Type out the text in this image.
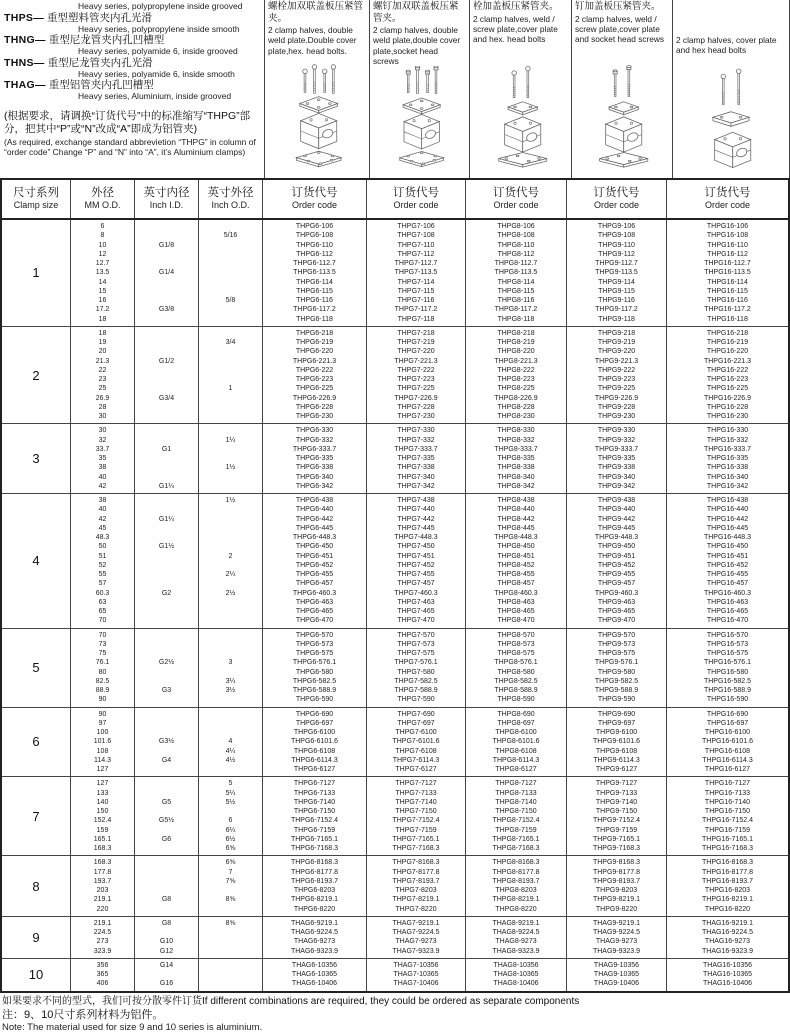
Heavy series, polypropylene inside grooved
THPS— 重型塑料管夹内孔光滑
Heavy series, polypropylene inside smooth
THNG— 重型尼龙管夹内孔凹槽型
Heavy series, polyamide 6, inside grooved
THNS— 重型尼龙管夹内孔光滑
Heavy series, polyamide 6, inside smooth
THAG— 重型铝管夹内孔凹槽型
Heavy series, Aluminium, inside grooved
(根据要求，请调换“订货代号”中的标准缩写“THPG”部分，把其中“P”或“N”改成“A”即成为铝管夹)
(As required, exchange standard abbrevietion “THPG” in column of “order code” Change “P” and “N” into “A”, it’s Aluminium clamps)
螺栓加双联盖板压紧管夹。
2 clamp halves, double weld plate.Double cover plate,hex. head bolts.
螺钉加双联盖板压紧管夹。
2 clamp halves, double weld plate,double cover plate,socket head screws
栓加盖板压紧管夹。
2 clamp halves, weld / screw plate,cover plate and hex. head bolts
钉加盖板压紧管夹。
2 clamp halves, weld / screw plate,cover plate and socket head screws	2 clamp halves, cover plate and hex head bolts
尺寸系列
Clamp size
外径
MM O.D.
英寸内径
Inch I.D.
英寸外径
Inch O.D.
订货代号
Order code
订货代号
Order code
订货代号
Order code
订货代号
Order code
订货代号
Order code
1
6
8
10
12
12.7
13.5
14
15
16
17.2
18

G1/8

G1/4

G3/8

5/16

5/8

THPG6-106
THPG6-108
THPG6-110
THPG6-112
THPG6-112.7
THPG6-113.5
THPG6-114
THPG6-115
THPG6-116
THPG6-117.2
THPG6-118
THPG7-106
THPG7-108
THPG7-110
THPG7-112
THPG7-112.7
THPG7-113.5
THPG7-114
THPG7-115
THPG7-116
THPG7-117.2
THPG7-118
THPG8-106
THPG8-108
THPG8-110
THPG8-112
THPG8-112.7
THPG8-113.5
THPG8-114
THPG8-115
THPG8-116
THPG8-117.2
THPG8-118
THPG9-106
THPG9-108
THPG9-110
THPG9-112
THPG9-112.7
THPG9-113.5
THPG9-114
THPG9-115
THPG9-116
THPG9-117.2
THPG9-118
THPG16-106
THPG16-108
THPG16-110
THPG16-112
THPG16-112.7
THPG16-113.5
THPG16-114
THPG16-115
THPG16-116
THPG16-117.2
THPG16-118
2
18
19
20
21.3
22
23
25
26.9
28
30

G1/2

G3/4

3/4

1

THPG6-218
THPG6-219
THPG6-220
THPG6-221.3
THPG6-222
THPG6-223
THPG6-225
THPG6-226.9
THPG6-228
THPG6-230
THPG7-218
THPG7-219
THPG7-220
THPG7-221.3
THPG7-222
THPG7-223
THPG7-225
THPG7-226.9
THPG7-228
THPG7-230
THPG8-218
THPG8-219
THPG8-220
THPG8-221.3
THPG8-222
THPG8-223
THPG8-225
THPG8-226.9
THPG8-228
THPG8-230
THPG9-218
THPG9-219
THPG9-220
THPG9-221.3
THPG9-222
THPG9-223
THPG9-225
THPG9-226.9
THPG9-228
THPG9-230
THPG16-218
THPG16-219
THPG16-220
THPG16-221.3
THPG16-222
THPG16-223
THPG16-225
THPG16-226.9
THPG16-228
THPG16-230
3
30
32
33.7
35
38
40
42

G1

G1¼

1¼

1½

THPG6-330
THPG6-332
THPG6-333.7
THPG6-335
THPG6-338
THPG6-340
THPG6-342
THPG7-330
THPG7-332
THPG7-333.7
THPG7-335
THPG7-338
THPG7-340
THPG7-342
THPG8-330
THPG8-332
THPG8-333.7
THPG8-335
THPG8-338
THPG8-340
THPG8-342
THPG9-330
THPG9-332
THPG9-333.7
THPG9-335
THPG9-338
THPG9-340
THPG9-342
THPG16-330
THPG16-332
THPG16-333.7
THPG16-335
THPG16-338
THPG16-340
THPG16-342
4
38
40
42
45
48.3
50
51
52
55
57
60.3
63
65
70

G1¼

G1½

G2

1½

2

2¼

2½

THPG6-438
THPG6-440
THPG6-442
THPG6-445
THPG6-448.3
THPG6-450
THPG6-451
THPG6-452
THPG6-455
THPG6-457
THPG6-460.3
THPG6-463
THPG6-465
THPG6-470
THPG7-438
THPG7-440
THPG7-442
THPG7-445
THPG7-448.3
THPG7-450
THPG7-451
THPG7-452
THPG7-455
THPG7-457
THPG7-460.3
THPG7-463
THPG7-465
THPG7-470
THPG8-438
THPG8-440
THPG8-442
THPG8-445
THPG8-448.3
THPG8-450
THPG8-451
THPG8-452
THPG8-455
THPG8-457
THPG8-460.3
THPG8-463
THPG8-465
THPG8-470
THPG9-438
THPG9-440
THPG9-442
THPG9-445
THPG9-448.3
THPG9-450
THPG9-451
THPG9-452
THPG9-455
THPG9-457
THPG9-460.3
THPG9-463
THPG9-465
THPG9-470
THPG16-438
THPG16-440
THPG16-442
THPG16-445
THPG16-448.3
THPG16-450
THPG16-451
THPG16-452
THPG16-455
THPG16-457
THPG16-460.3
THPG16-463
THPG16-465
THPG16-470
5
70
73
75
76.1
80
82.5
88.9
90

G2½

G3

3

3¼
3½

THPG6-570
THPG6-573
THPG6-575
THPG6-576.1
THPG6-580
THPG6-582.5
THPG6-588.9
THPG6-590
THPG7-570
THPG7-573
THPG7-575
THPG7-576.1
THPG7-580
THPG7-582.5
THPG7-588.9
THPG7-590
THPG8-570
THPG8-573
THPG8-575
THPG8-576.1
THPG8-580
THPG8-582.5
THPG8-588.9
THPG8-590
THPG9-570
THPG9-573
THPG9-575
THPG9-576.1
THPG9-580
THPG9-582.5
THPG9-588.9
THPG9-590
THPG16-570
THPG16-573
THPG16-575
THPG16-576.1
THPG16-580
THPG16-582.5
THPG16-588.9
THPG16-590
6
90
97
100
101.6
108
114.3
127

G3½

G4

4
4¼
4½

THPG6-690
THPG6-697
THPG6-6100
THPG6-6101.6
THPG6-6108
THPG6-6114.3
THPG6-6127
THPG7-690
THPG7-697
THPG7-6100
THPG7-6101.6
THPG7-6108
THPG7-6114.3
THPG7-6127
THPG8-690
THPG8-697
THPG8-6100
THPG8-6101.6
THPG8-6108
THPG8-6114.3
THPG8-6127
THPG9-690
THPG9-697
THPG9-6100
THPG9-6101.6
THPG9-6108
THPG9-6114.3
THPG9-6127
THPG16-690
THPG16-697
THPG16-6100
THPG16-6101.6
THPG16-6108
THPG16-6114.3
THPG16-6127
7
127
133
140
150
152.4
159
165.1
168.3

G5

G5½

G6

5
5¼
5½

6
6¼
6½
6⅝
THPG6-7127
THPG6-7133
THPG6-7140
THPG6-7150
THPG6-7152.4
THPG6-7159
THPG6-7165.1
THPG6-7168.3
THPG7-7127
THPG7-7133
THPG7-7140
THPG7-7150
THPG7-7152.4
THPG7-7159
THPG7-7165.1
THPG7-7168.3
THPG8-7127
THPG8-7133
THPG8-7140
THPG8-7150
THPG8-7152.4
THPG8-7159
THPG8-7165.1
THPG8-7168.3
THPG9-7127
THPG9-7133
THPG9-7140
THPG9-7150
THPG9-7152.4
THPG9-7159
THPG9-7165.1
THPG9-7168.3
THPG16-7127
THPG16-7133
THPG16-7140
THPG16-7150
THPG16-7152.4
THPG16-7159
THPG16-7165.1
THPG16-7168.3
8
168.3
177.8
193.7
203
219.1
220

G8

6⅝
7
7⅝

8⅝

THPG6-8168.3
THPG6-8177.8
THPG6-8193.7
THPG6-8203
THPG6-8219.1
THPG6-8220
THPG7-8168.3
THPG7-8177.8
THPG7-8193.7
THPG7-8203
THPG7-8219.1
THPG7-8220
THPG8-8168.3
THPG8-8177.8
THPG8-8193.7
THPG8-8203
THPG8-8219.1
THPG8-8220
THPG9-8168.3
THPG9-8177.8
THPG9-8193.7
THPG9-8203
THPG9-8219.1
THPG9-8220
THPG16-8168.3
THPG16-8177.8
THPG16-8193.7
THPG16-8203
THPG16-8219.1
THPG16-8220
9
219.1
224.5
273
323.9
G8

G10
G12
8⅝

	THAG6-9219.1
THAG6-9224.5
THAG6-9273
THAG6-9323.9
THAG7-9219.1
THAG7-9224.5
THAG7-9273
THAG7-9323.9
THAG8-9219.1
THAG8-9224.5
THAG8-9273
THAG8-9323.9
THAG9-9219.1
THAG9-9224.5
THAG9-9273
THAG9-9323.9
THAG16-9219.1
THAG16-9224.5
THAG16-9273
THAG16-9323.9
10
356
365
406
G14

G16

THAG6-10356
THAG6-10365
THAG6-10406
THAG7-10356
THAG7-10365
THAG7-10406
THAG8-10356
THAG8-10365
THAG8-10406
THAG9-10356
THAG9-10365
THAG9-10406
THAG16-10356
THAG16-10365
THAG16-10406
如果要求不同的型式，我们可按分散零件订货If different combinations are required, they could be ordered as separate components
注：9、10尺寸系列材料为铝件。
Note: The material used for size 9 and 10 series is aluminium.
